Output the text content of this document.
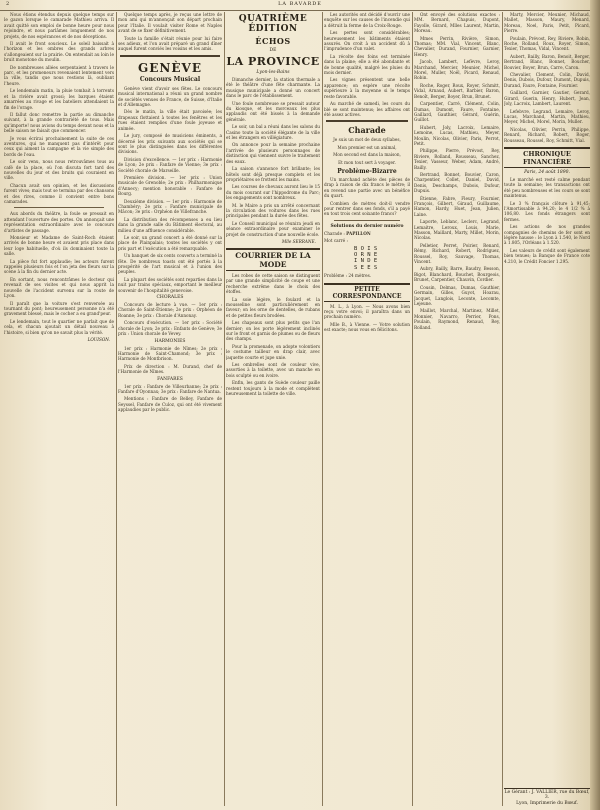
2	LA BAVARDE

Nous étions étendus depuis quelque temps sur le gazon lorsque le camarade Mathieu arriva. Il avait quitté son emploi de bonne heure pour nous rejoindre, et nous parlâmes longuement de nos projets, de nos espérances et de nos déceptions.

Il avait le front soucieux. Le soleil baissait à l'horizon et les ombres des grands arbres s'allongeaient sur la prairie. On entendait au loin le bruit monotone du moulin.

De nombreuses allées serpentaient à travers le parc, et les promeneurs revenaient lentement vers la ville, tandis que nous restions là, oubliant l'heure.

Le lendemain matin, la pluie tombait à torrents et la rivière avait grossi; les barques étaient amarrées au rivage et les bateliers attendaient la fin de l'orage.

Il fallut donc remettre la partie au dimanche suivant, à la grande contrariété de tous. Mais qu'importe! nous avions du temps devant nous et la belle saison ne faisait que commencer.

Je vous écrirai prochainement la suite de ces aventures, qui ne manquent pas d'intérêt pour ceux qui aiment la campagne et la vie simple des bords de l'eau.

Le soir venu, nous nous retrouvâmes tous au café de la place, où l'on discuta fort tard des nouvelles du jour et des bruits qui couraient en ville.

Chacun avait son opinion, et les discussions furent vives; mais tout se termina par des chansons et des rires, comme il convient entre bons camarades.

Aux abords du théâtre, la foule se pressait en attendant l'ouverture des portes. On annonçait une représentation extraordinaire avec le concours d'artistes de passage.

Monsieur et Madame de Saint-Roch étaient arrivés de bonne heure et avaient pris place dans leur loge habituelle, d'où ils dominaient toute la salle.

La pièce fut fort applaudie; les acteurs furent rappelés plusieurs fois et l'on jeta des fleurs sur la scène à la fin du dernier acte.

En sortant, nous rencontrâmes le docteur qui revenait de ses visites et qui nous apprit la nouvelle de l'accident survenu sur la route de Lyon.

Il paraît que la voiture s'est renversée au tournant du pont; heureusement personne n'a été gravement blessé, mais le cocher a eu grand'peur.

Le lendemain, tout le quartier ne parlait que de cela, et chacun ajoutait un détail nouveau à l'histoire, si bien qu'on ne savait plus la vérité.

LOUISON.

Quelque temps après, je reçus une lettre de mon ami qui m'annonçait son départ prochain pour l'Italie. Il voulait visiter Rome et Naples avant de se fixer définitivement.

Toute la famille s'était réunie pour lui faire ses adieux, et l'on avait préparé un grand dîner auquel furent conviés les voisins et les amis.

GENÈVE
Concours Musical

Genève vient d'avoir ses fêtes. Le concours musical international a réuni un grand nombre de sociétés venues de France, de Suisse, d'Italie et d'Allemagne.

Dès le matin, la ville était pavoisée; les drapeaux flottaient à toutes les fenêtres et les rues étaient remplies d'une foule joyeuse et animée.

Le jury, composé de musiciens éminents, a décerné les prix suivants aux sociétés qui se sont le plus distinguées dans les différentes divisions.

Division d'excellence. — 1er prix : Harmonie de Lyon; 2e prix : Fanfare de Vienne; 3e prix : Société chorale de Marseille.

Première division. — 1er prix : Union musicale de Grenoble; 2e prix : Philharmonique d'Annecy; mention honorable : Fanfare de Bourg.

Deuxième division. — 1er prix : Harmonie de Chambéry; 2e prix : Fanfare municipale de Mâcon; 3e prix : Orphéon de Villefranche.

La distribution des récompenses a eu lieu dans la grande salle du Bâtiment électoral, au milieu d'une affluence considérable.

Le soir, un grand concert a été donné sur la place de Plainpalais; toutes les sociétés y ont pris part et l'exécution a été remarquable.

Un banquet de six cents couverts a terminé la fête. De nombreux toasts ont été portés à la prospérité de l'art musical et à l'union des peuples.

La plupart des sociétés sont reparties dans la nuit par trains spéciaux, emportant le meilleur souvenir de l'hospitalité genevoise.

CHORALES

Concours de lecture à vue. — 1er prix : Chorale de Saint-Étienne; 2e prix : Orphéon de Roanne; 3e prix : Chorale d'Annonay.

Concours d'exécution. — 1er prix : Société chorale de Lyon; 2e prix : Enfants de Genève; 3e prix : Union chorale de Vevey.

HARMONIES

1er prix : Harmonie de Nîmes; 2e prix : Harmonie de Saint-Chamond; 3e prix : Harmonie de Montbrison.

Prix de direction : M. Durand, chef de l'Harmonie de Nîmes.

FANFARES

1er prix : Fanfare de Villeurbanne; 2e prix : Fanfare d'Oyonnax; 3e prix : Fanfare de Nantua.

Mentions : Fanfare de Belley, Fanfare de Seyssel, Fanfare de Culoz, qui ont été vivement applaudies par le public.

QUATRIÈME ÉDITION
ÉCHOS
DE
LA PROVINCE
Lyon-les-Bains

Dimanche dernier, la station thermale a été le théâtre d'une fête charmante. La musique municipale a donné un concert dans le parc de l'établissement.

Une foule nombreuse se pressait autour du kiosque, et les morceaux les plus applaudis ont été bissés à la demande générale.

Le soir, un bal a réuni dans les salons du Casino toute la société élégante de la ville et les étrangers en villégiature.

On annonce pour la semaine prochaine l'arrivée de plusieurs personnages de distinction qui viennent suivre le traitement des eaux.

La saison s'annonce fort brillante; les hôtels sont déjà presque complets et les propriétaires se frottent les mains.

Les courses de chevaux auront lieu le 15 du mois courant sur l'hippodrome du Parc; les engagements sont nombreux.

M. le Maire a pris un arrêté concernant la circulation des voitures dans les rues principales pendant la durée des fêtes.

Le Conseil municipal se réunira jeudi en séance extraordinaire pour examiner le projet de construction d'une nouvelle école.

Mlle SERRANE.
COURRIER DE LA MODE

Les robes de cette saison se distinguent par une grande simplicité de coupe et une recherche extrême dans le choix des étoffes.

La soie légère, le foulard et la mousseline sont particulièrement en faveur; on les orne de dentelles, de rubans et de petites fleurs brodées.

Les chapeaux sont plus petits que l'an dernier; on les porte légèrement inclinés sur le front et garnis de plumes ou de fleurs des champs.

Pour la promenade, on adopte volontiers le costume tailleur en drap clair, avec jaquette courte et jupe unie.

Les ombrelles sont de couleur vive, assorties à la toilette, avec un manche en bois sculpté ou en ivoire.

Enfin, les gants de Suède couleur paille restent toujours à la mode et complètent heureusement la toilette de ville.

Les autorités ont décidé d'ouvrir une enquête sur les causes de l'incendie qui a détruit la ferme de la Croix-Rouge.

Les pertes sont considérables; heureusement les bâtiments étaient assurés. On croit à un accident dû à l'imprudence d'un valet.

La récolte des foins est terminée dans la plaine; elle a été abondante et de bonne qualité, malgré les pluies du mois dernier.

Les vignes présentent une belle apparence; on espère une récolte supérieure à la moyenne si le temps reste favorable.

Au marché de samedi, les cours du blé se sont maintenus; les affaires ont été assez actives.

Charade

Je suis un mot de deux syllabes,

Mon premier est un animal,

Mon second est dans la maison,

Et mon tout sert à voyager.

Problème-Bizarre

Un marchand achète des pièces de drap à raison de dix francs le mètre; il en revend une partie avec un bénéfice du quart.

Combien de mètres doit-il vendre pour rentrer dans ses fonds, s'il a payé en tout trois cent soixante francs?

Solutions du dernier numéro

Charade : PAPILLON

Mot carré :

B O I S
O R N E
I N D E
S E E S

Problème : 24 mètres.

PETITE CORRESPONDANCE

M. L., à Lyon. — Nous avons bien reçu votre envoi; il paraîtra dans un prochain numéro.

Mlle B., à Vienne. — Votre solution est exacte; nous vous en félicitons.

Ont envoyé des solutions exactes : MM. Bernard, Chapuis, Dupont, Fayolle, Girard, Mlles Laurent, Martin, Moreau.

Mmes Perrin, Rivière, Simon, Thomas; MM. Vial, Vincent, Blanc, Chevalier, Durand, Fournier, Garnier, Henry.

Jacob, Lambert, Lefèvre, Leroy, Marchand, Mercier, Meunier, Michel, Morel, Muller, Noël, Picard, Renaud, Robin.

Roche, Roger, Roux, Royer, Schmitt, Vidal, Arnaud, Aubert, Barbier, Baron, Benoît, Berger, Boyer, Brun, Brunet.

Carpentier, Carré, Clément, Colin, Dumas, Dumont, Faure, Fontaine, Gaillard, Gauthier, Gérard, Guérin, Guillot.

Hubert, Joly, Lacroix, Lemaire, Lemoine, Lucas, Mathieu, Meyer, Moulin, Nicolas, Olivier, Paris, Perrot, Petit.

Philippe, Pierre, Prévost, Rey, Riviere, Rolland, Rousseau, Sanchez, Texier, Vasseur, Weber, Adam, André, Bailly.

Bertrand, Bonnet, Bouvier, Caron, Charpentier, Collet, Daniel, David, Denis, Deschamps, Dubois, Dufour, Dupuis.

Étienne, Fabre, Fleury, Fournier, François, Gilbert, Giraud, Guillaume, Hamon, Hardy, Huet, Jean, Julien, Laine.

Laporte, Leblanc, Leclerc, Legrand, Lemaitre, Leroux, Louis, Marie, Masson, Maillard, Marty, Millet, Morin, Nicolas.

Pelletier, Perret, Poirier, Renard, Rémy, Richard, Robert, Rodriguez, Roussel, Roy, Sauvage, Thomas, Vincent.

Aubry, Bailly, Barre, Baudry, Besson, Bigot, Blanchard, Bouchet, Bourgeois, Brunet, Carpentier, Chauvin, Cordier.

Cousin, Delmas, Dumas, Gauthier, Germain, Gilles, Guyot, Hoarau, Jacquet, Langlois, Leconte, Lecomte, Lejeune.

Maillot, Marchal, Martinez, Millet, Monnier, Navarro, Perrier, Pons, Poulain, Raymond, Renaud, Rey, Rolland.

Marty, Mercier, Meunier, Michaud, Mallet, Masson, Maury, Menard, Moreau, Noel, Paris, Petit, Picard, Pierre.

Poulain, Prévost, Rey, Riviere, Robin, Roche, Rolland, Roux, Royer, Simon, Texier, Thomas, Vidal, Vincent.

Aubert, Bailly, Baron, Benoit, Berger, Bertrand, Blanc, Bonnet, Boucher, Bouvier, Boyer, Brun, Carre, Caron.

Chevalier, Clement, Colin, David, Denis, Dubois, Dufour, Dumont, Dupuis, Durand, Faure, Fontaine, Fournier.

Gaillard, Garnier, Gautier, Gerard, Girard, Guerin, Henry, Hubert, Jean, Joly, Lacroix, Lambert, Laurent.

Lefebvre, Legrand, Lemaire, Leroy, Lucas, Marchand, Martin, Mathieu, Meyer, Michel, Morel, Morin, Muller.

Nicolas, Olivier, Perrin, Philippe, Renard, Richard, Robert, Roger, Rousseau, Roussel, Roy, Schmitt, Vial.

CHRONIQUE FINANCIÈRE
Paris, 24 août 1890.

Le marché est resté calme pendant toute la semaine; les transactions ont été peu nombreuses et les cours se sont maintenus.

Le 3 % français clôture à 91,45; l'Amortissable à 94,20; le 4 1/2 % à 106,80. Les fonds étrangers sont fermes.

Les actions de nos grandes compagnies de chemins de fer sont en légère hausse : le Lyon à 1.540, le Nord à 1.805, l'Orléans à 1.520.

Les valeurs de crédit sont également bien tenues; la Banque de France cote 4.210, le Crédit Foncier 1.295.

Le Gérant : J. VALLIER, rue du Bœuf, 3.
Lyon, Imprimerie du Bœuf.
